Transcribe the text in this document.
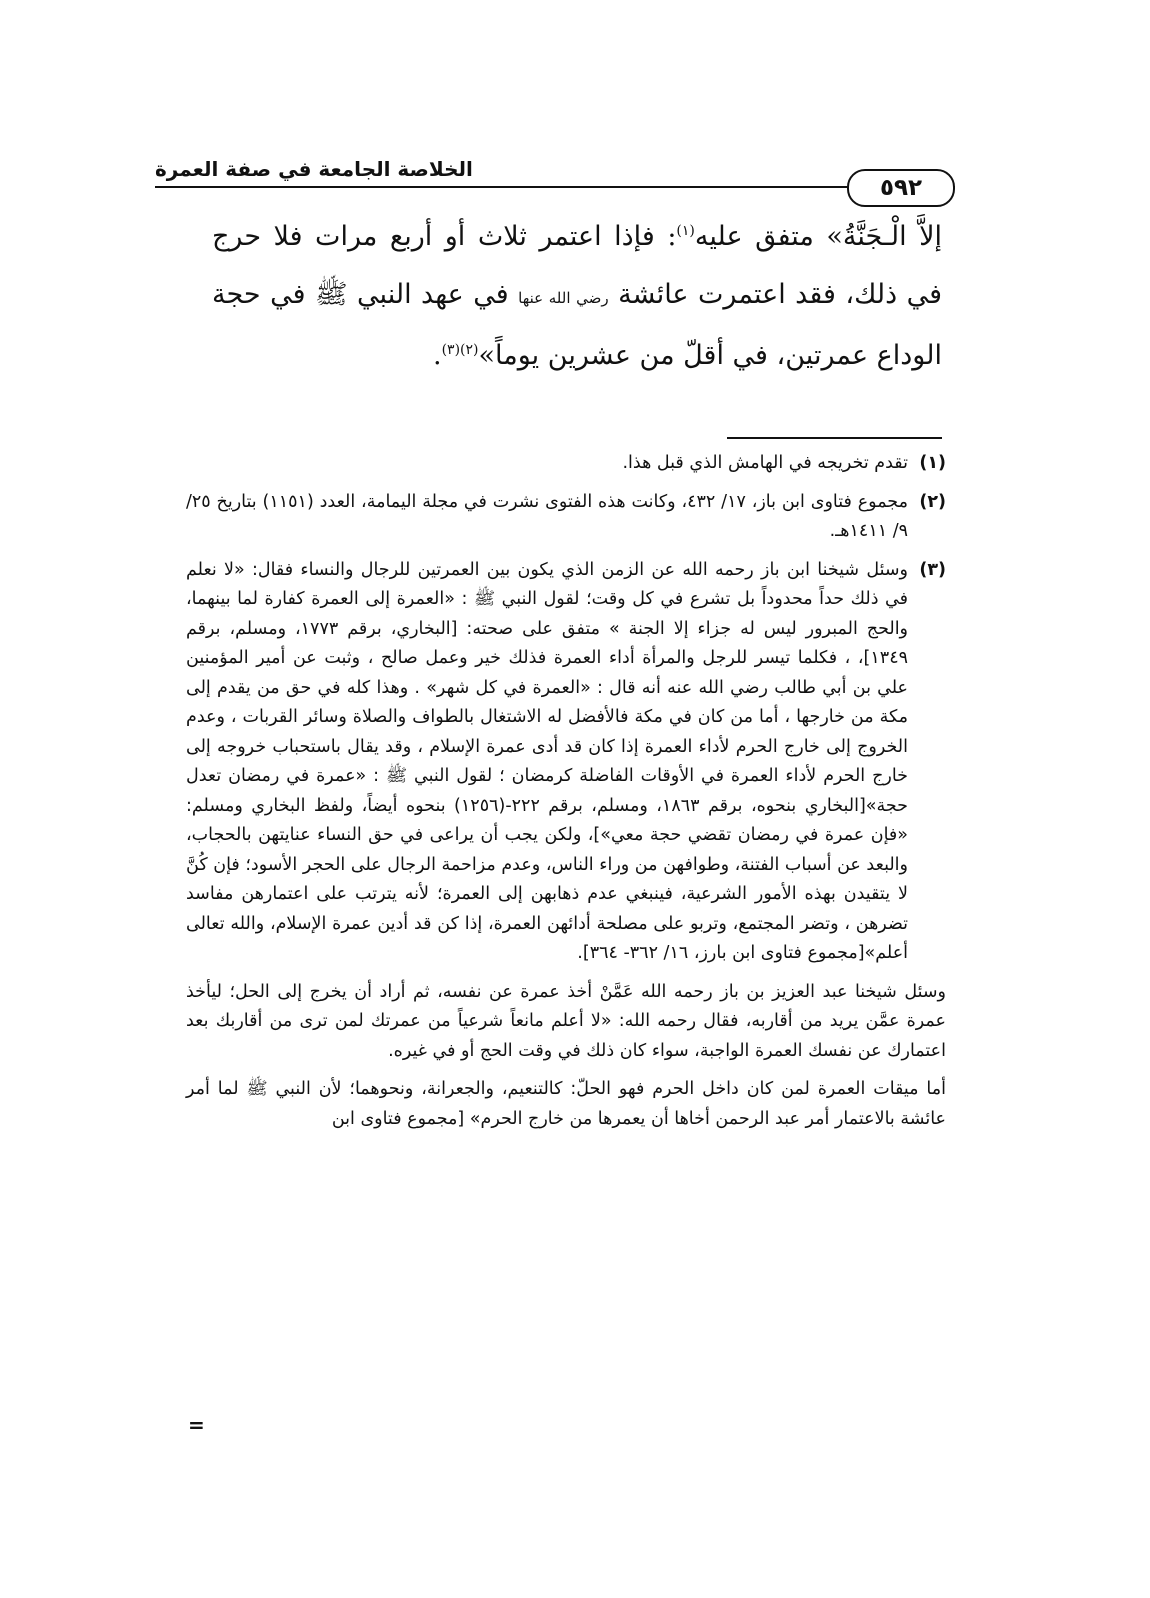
الخلاصة الجامعة في صفة العمرة
٥٩٢

إلاَّ الْـجَنَّةُ» متفق عليه$^{(١)}$: فإذا اعتمر ثلاث أو أربع مرات فلا حرج في ذلك، فقد اعتمرت عائشة رضي الله عنها في عهد النبي ﷺ في حجة الوداع عمرتين، في أقلّ من عشرين يوماً»$^{(٢)(٣)}$.

(١)
تقدم تخريجه في الهامش الذي قبل هذا.
(٢)
مجموع فتاوى ابن باز، ١٧/ ٤٣٢، وكانت هذه الفتوى نشرت في مجلة اليمامة، العدد (١١٥١) بتاريخ ٢٥/ ٩/ ١٤١١هـ.
(٣)
وسئل شيخنا ابن باز رحمه الله عن الزمن الذي يكون بين العمرتين للرجال والنساء فقال: «لا نعلم في ذلك حداً محدوداً بل تشرع في كل وقت؛ لقول النبي ﷺ : «العمرة إلى العمرة كفارة لما بينهما، والحج المبرور ليس له جزاء إلا الجنة » متفق على صحته: [البخاري، برقم ١٧٧٣، ومسلم، برقم ١٣٤٩]، ، فكلما تيسر للرجل والمرأة أداء العمرة فذلك خير وعمل صالح ، وثبت عن أمير المؤمنين علي بن أبي طالب رضي الله عنه أنه قال : «العمرة في كل شهر» . وهذا كله في حق من يقدم إلى مكة من خارجها ، أما من كان في مكة فالأفضل له الاشتغال بالطواف والصلاة وسائر القربات ، وعدم الخروج إلى خارج الحرم لأداء العمرة إذا كان قد أدى عمرة الإسلام ، وقد يقال باستحباب خروجه إلى خارج الحرم لأداء العمرة في الأوقات الفاضلة كرمضان ؛ لقول النبي ﷺ : «عمرة في رمضان تعدل حجة»[البخاري بنحوه، برقم ١٨٦٣، ومسلم، برقم ٢٢٢-(١٢٥٦) بنحوه أيضاً، ولفظ البخاري ومسلم: «فإن عمرة في رمضان تقضي حجة معي»]، ولكن يجب أن يراعى في حق النساء عنايتهن بالحجاب، والبعد عن أسباب الفتنة، وطوافهن من وراء الناس، وعدم مزاحمة الرجال على الحجر الأسود؛ فإن كُنَّ لا يتقيدن بهذه الأمور الشرعية، فينبغي عدم ذهابهن إلى العمرة؛ لأنه يترتب على اعتمارهن مفاسد تضرهن ، وتضر المجتمع، وتربو على مصلحة أدائهن العمرة، إذا كن قد أدين عمرة الإسلام، والله تعالى أعلم»[مجموع فتاوى ابن بارز، ١٦/ ٣٦٢- ٣٦٤].
وسئل شيخنا عبد العزيز بن باز رحمه الله عَمَّنْ أخذ عمرة عن نفسه، ثم أراد أن يخرج إلى الحل؛ ليأخذ عمرة عمَّن يريد من أقاربه، فقال رحمه الله: «لا أعلم مانعاً شرعياً من عمرتك لمن ترى من أقاربك بعد اعتمارك عن نفسك العمرة الواجبة، سواء كان ذلك في وقت الحج أو في غيره.
أما ميقات العمرة لمن كان داخل الحرم فهو الحلّ: كالتنعيم، والجعرانة، ونحوهما؛ لأن النبي ﷺ لما أمر عائشة بالاعتمار أمر عبد الرحمن أخاها أن يعمرها من خارج الحرم» [مجموع فتاوى ابن
=
